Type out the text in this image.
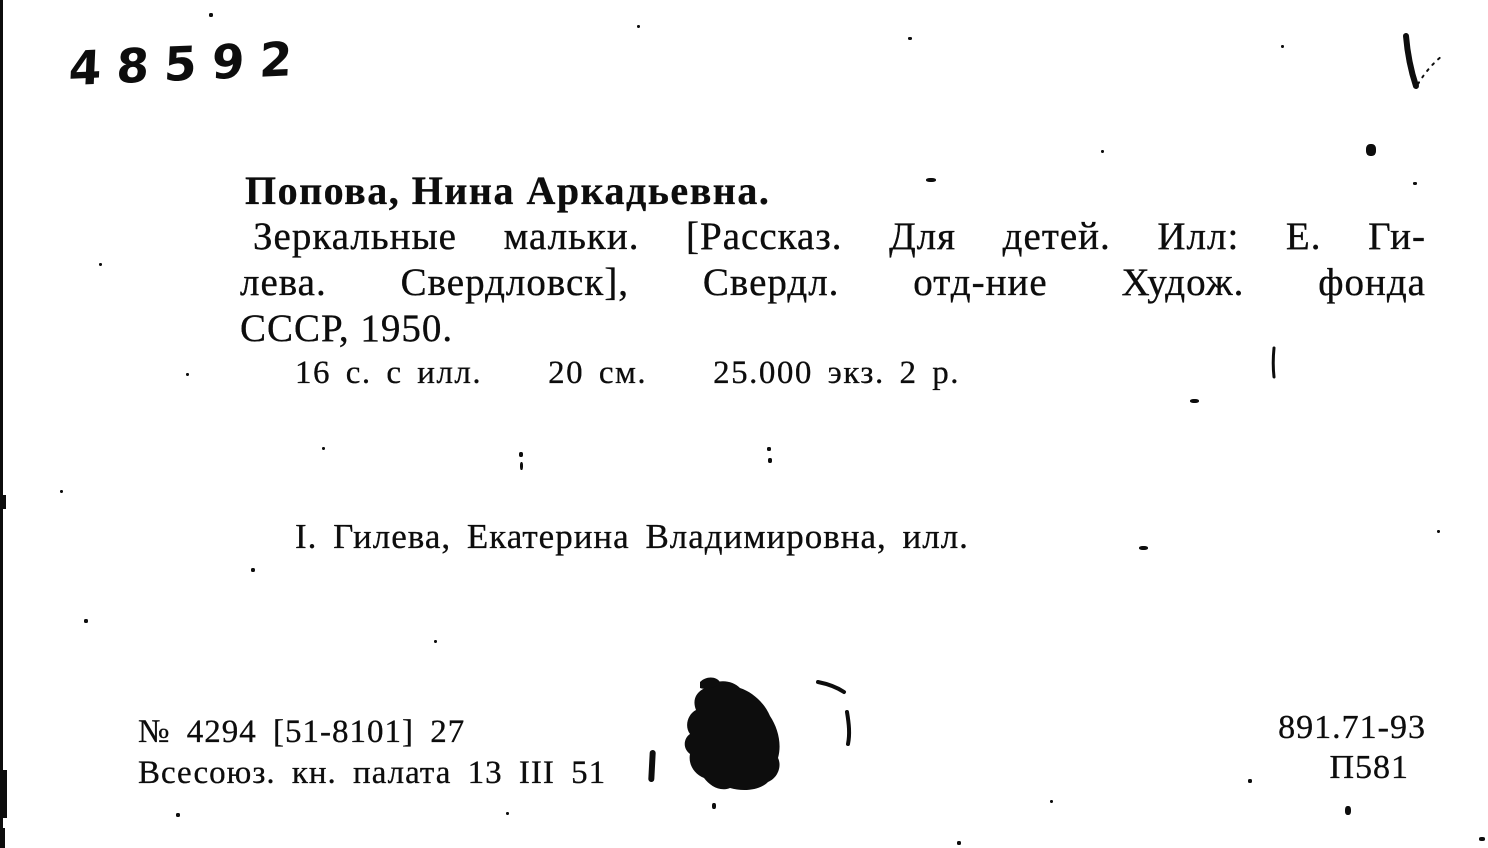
48592
Попова, Нина Аркадьевна.
Зеркальные мальки. [Рассказ. Для детей. Илл: Е. Ги-
лева. Свердловск], Свердл. отд-ние Худож. фонда
СССР, 1950.
16 с. с илл. 20 см. 25.000 экз. 2 р.
I. Гилева, Екатерина Владимировна, илл.
№ 4294 [51-8101] 27
Всесоюз. кн. палата 13 III 51
891.71-93
П581
